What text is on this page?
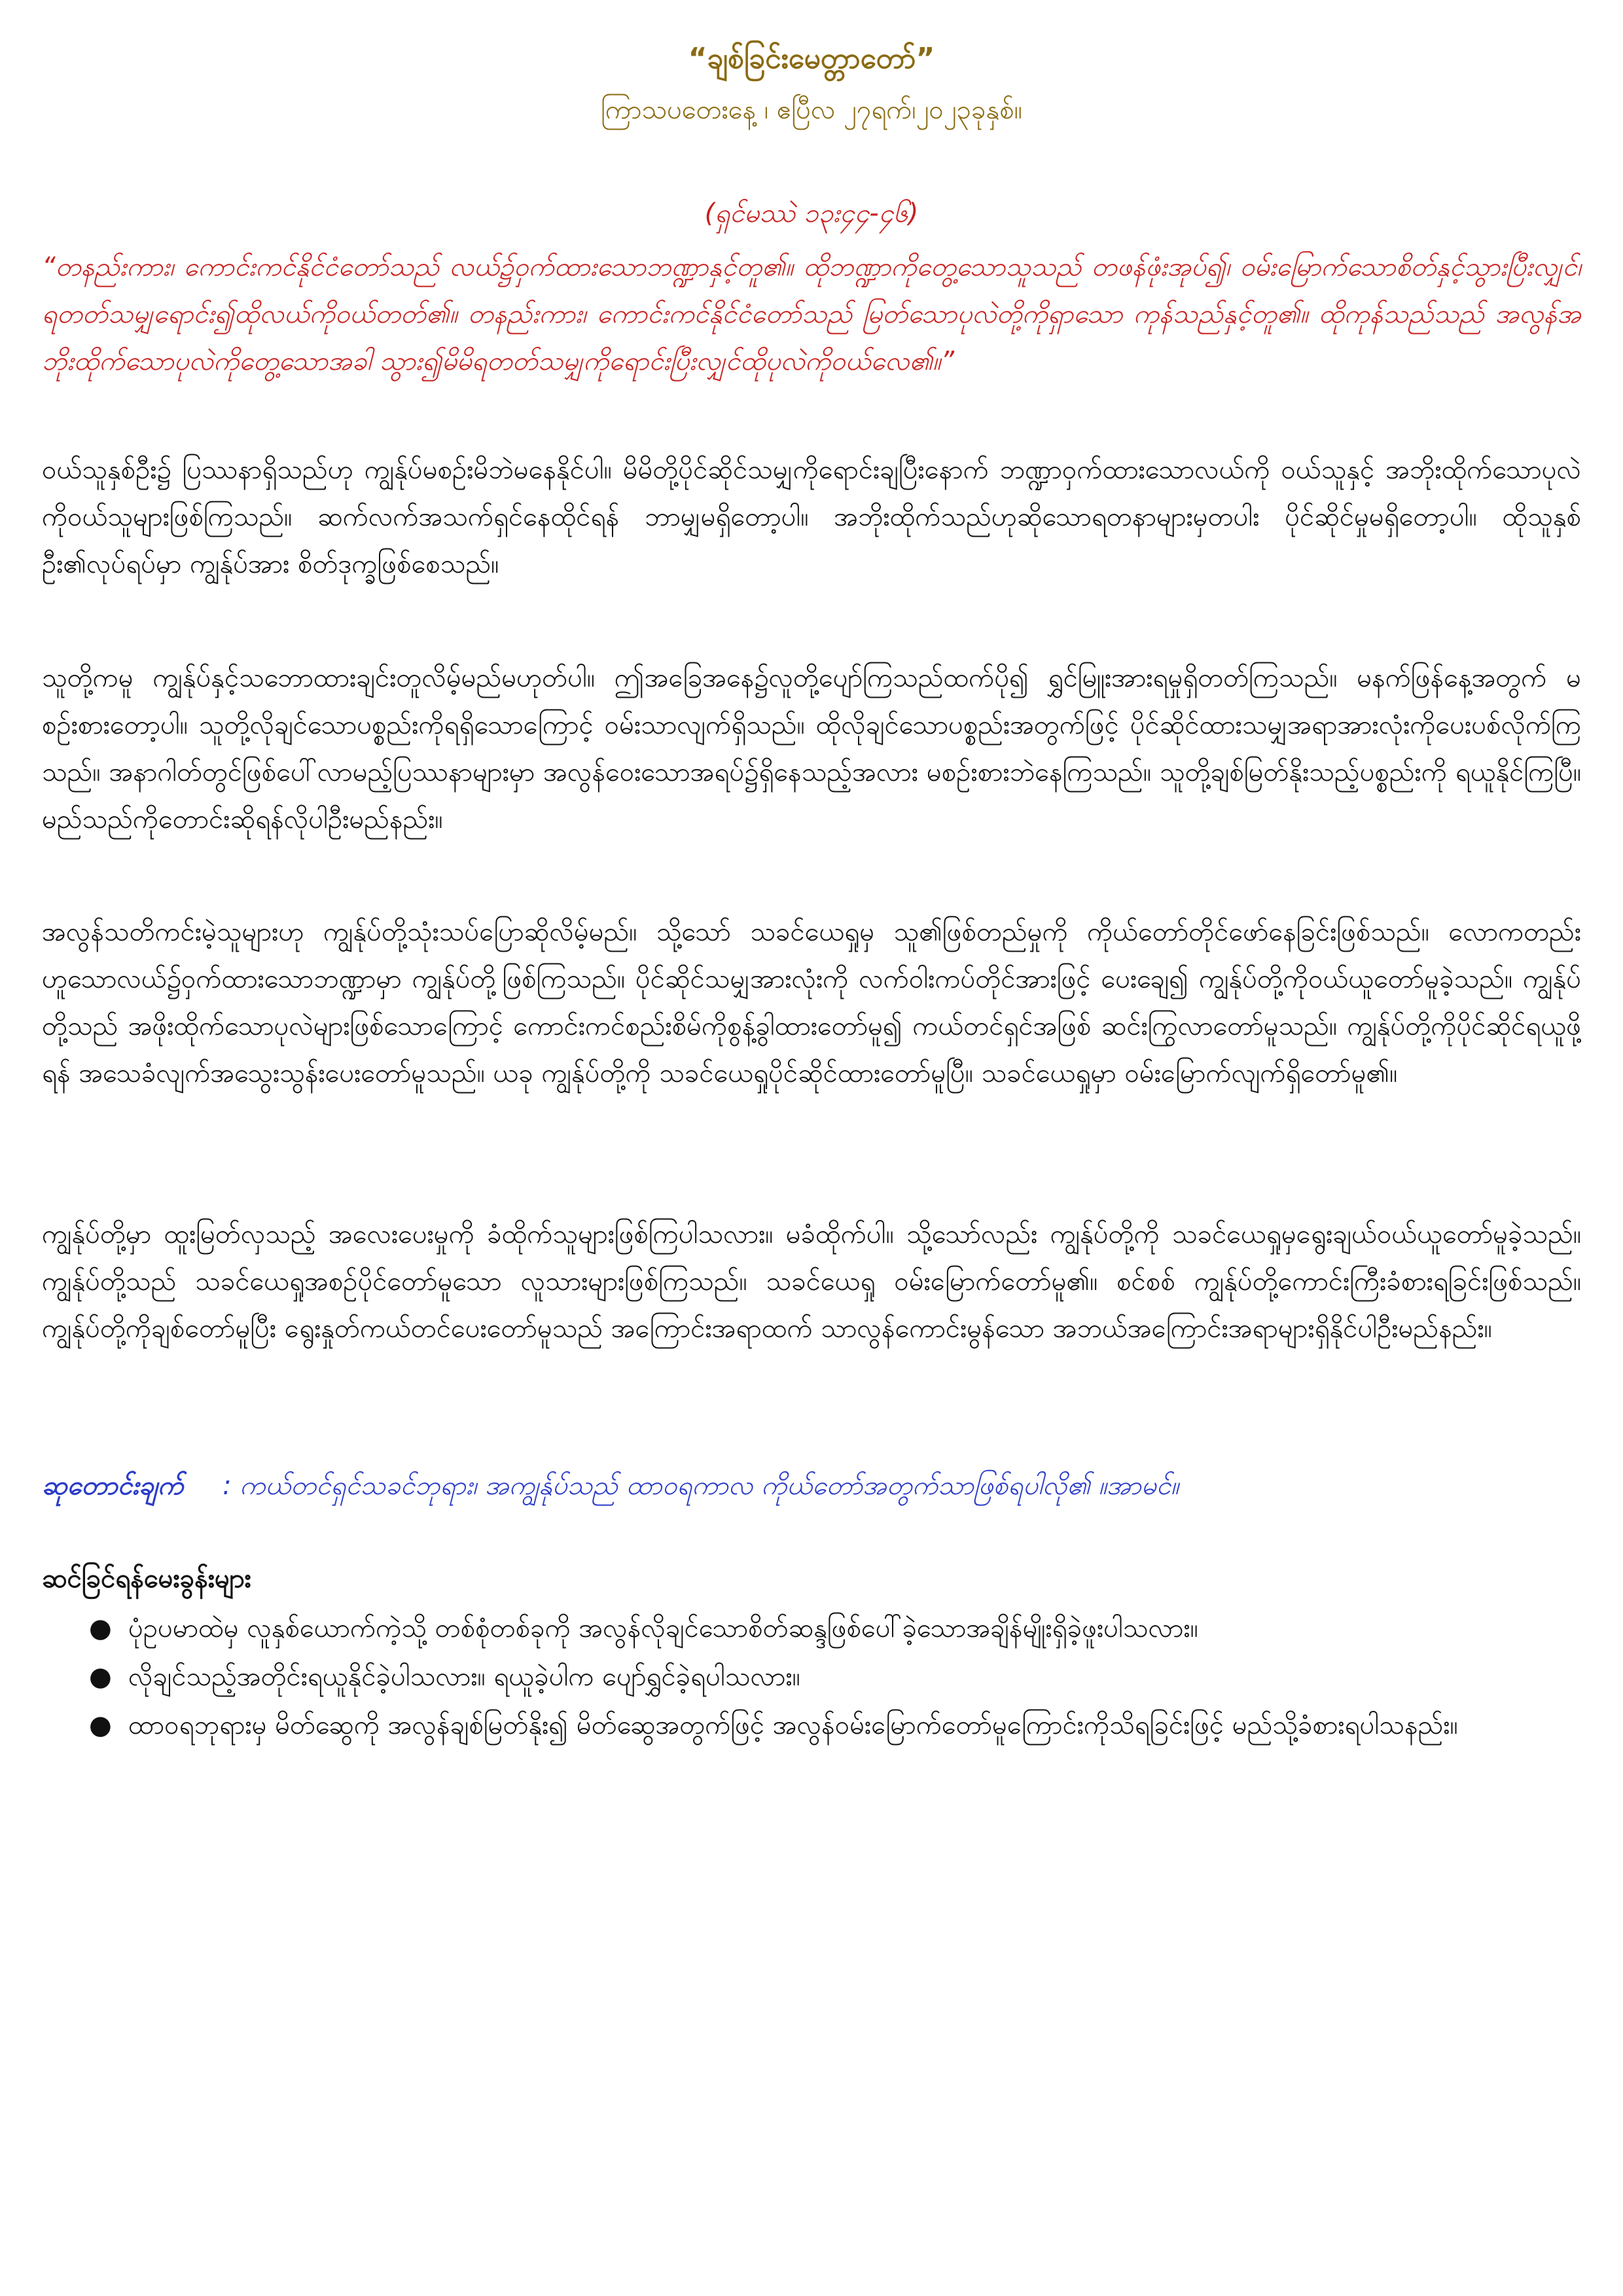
“ချစ်ခြင်းမေတ္တာတော်”
ကြာသပတေးနေ့ ၊ ဧပြီလ ၂၇ရက်၊၂၀၂၃ခုနှစ်။
(ရှင်မဿဲ ၁၃း၄၄-၄၆)
“တနည်းကား၊ ကောင်းကင်နိုင်ငံတော်သည် လယ်၌ဝှက်ထားသောဘဏ္ဍာနှင့်တူ၏။ ထိုဘဏ္ဍာကိုတွေ့သောသူသည် တဖန်ဖုံးအုပ်၍၊ ဝမ်းမြောက်သောစိတ်နှင့်သွားပြီးလျှင်၊ ရတတ်သမျှရောင်း၍ထိုလယ်ကိုဝယ်တတ်၏။ တနည်းကား၊ ကောင်းကင်နိုင်ငံတော်သည် မြတ်သောပုလဲတို့ကိုရှာသော ကုန်သည်နှင့်တူ၏။ ထိုကုန်သည်သည် အလွန်အဘိုးထိုက်သောပုလဲကိုတွေ့သောအခါ သွား၍မိမိရတတ်သမျှကိုရောင်းပြီးလျှင်ထိုပုလဲကိုဝယ်လေ၏။”
ဝယ်သူနှစ်ဦး၌ ပြဿနာရှိသည်ဟု ကျွန်ုပ်မစဉ်းမိဘဲမနေနိုင်ပါ။ မိမိတို့ပိုင်ဆိုင်သမျှကိုရောင်းချပြီးနောက် ဘဏ္ဍာဝှက်ထားသောလယ်ကို ဝယ်သူနှင့် အဘိုးထိုက်သောပုလဲကိုဝယ်သူများဖြစ်ကြသည်။ ဆက်လက်အသက်ရှင်နေထိုင်ရန် ဘာမျှမရှိတော့ပါ။ အဘိုးထိုက်သည်ဟုဆိုသောရတနာများမှတပါး ပိုင်ဆိုင်မှုမရှိတော့ပါ။ ထိုသူနှစ်ဦး၏လုပ်ရပ်မှာ ကျွန်ုပ်အား စိတ်ဒုက္ခဖြစ်စေသည်။
သူတို့ကမူ ကျွန်ုပ်နှင့်သဘောထားချင်းတူလိမ့်မည်မဟုတ်ပါ။ ဤအခြေအနေ၌လူတို့ပျော်ကြသည်ထက်ပို၍ ရွှင်မြူးအားရမှုရှိတတ်ကြသည်။ မနက်ဖြန်နေ့အတွက် မစဉ်းစားတော့ပါ။ သူတို့လိုချင်သောပစ္စည်းကိုရရှိသောကြောင့် ဝမ်းသာလျက်ရှိသည်။ ထိုလိုချင်သောပစ္စည်းအတွက်ဖြင့် ပိုင်ဆိုင်ထားသမျှအရာအားလုံးကိုပေးပစ်လိုက်ကြသည်။ အနာဂါတ်တွင်ဖြစ်ပေါ်လာမည့်ပြဿနာများမှာ အလွန်ဝေးသောအရပ်၌ရှိနေသည့်အလား မစဉ်းစားဘဲနေကြသည်။ သူတို့ချစ်မြတ်နိုးသည့်ပစ္စည်းကို ရယူနိုင်ကြပြီ။ မည်သည်ကိုတောင်းဆိုရန်လိုပါဦးမည်နည်း။
အလွန်သတိကင်းမဲ့သူများဟု ကျွန်ုပ်တို့သုံးသပ်ပြောဆိုလိမ့်မည်။ သို့သော် သခင်ယေရှုမှ သူ၏ဖြစ်တည်မှုကို ကိုယ်တော်တိုင်ဖော်နေခြင်းဖြစ်သည်။ လောကတည်းဟူသောလယ်၌ဝှက်ထားသောဘဏ္ဍာမှာ ကျွန်ုပ်တို့ဖြစ်ကြသည်။ ပိုင်ဆိုင်သမျှအားလုံးကို လက်ဝါးကပ်တိုင်အားဖြင့် ပေးချေ၍ ကျွန်ုပ်တို့ကိုဝယ်ယူတော်မူခဲ့သည်။ ကျွန်ုပ်တို့သည် အဖိုးထိုက်သောပုလဲများဖြစ်သောကြောင့် ကောင်းကင်စည်းစိမ်ကိုစွန့်ခွါထားတော်မူ၍ ကယ်တင်ရှင်အဖြစ် ဆင်းကြွလာတော်မူသည်။ ကျွန်ုပ်တို့ကိုပိုင်ဆိုင်ရယူဖို့ရန် အသေခံလျက်အသွေးသွန်းပေးတော်မူသည်။ ယခု ကျွန်ုပ်တို့ကို သခင်ယေရှုပိုင်ဆိုင်ထားတော်မူပြီ။ သခင်ယေရှုမှာ ဝမ်းမြောက်လျက်ရှိတော်မူ၏။
ကျွန်ုပ်တို့မှာ ထူးမြတ်လှသည့် အလေးပေးမှုကို ခံထိုက်သူများဖြစ်ကြပါသလား။ မခံထိုက်ပါ။ သို့သော်လည်း ကျွန်ုပ်တို့ကို သခင်ယေရှုမှရွေးချယ်ဝယ်ယူတော်မူခဲ့သည်။ ကျွန်ုပ်တို့သည် သခင်ယေရှုအစဉ်ပိုင်တော်မူသော လူသားများဖြစ်ကြသည်။ သခင်ယေရှု ဝမ်းမြောက်တော်မူ၏။ စင်စစ် ကျွန်ုပ်တို့ကောင်းကြီးခံစားရခြင်းဖြစ်သည်။ ကျွန်ုပ်တို့ကိုချစ်တော်မူပြီး ရွေးနှုတ်ကယ်တင်ပေးတော်မူသည် အကြောင်းအရာထက် သာလွန်ကောင်းမွန်သော အဘယ်အကြောင်းအရာများရှိနိုင်ပါဦးမည်နည်း။
ဆုတောင်းချက် : ကယ်တင်ရှင်သခင်ဘုရား၊ အကျွန်ုပ်သည် ထာဝရကာလ ကိုယ်တော်အတွက်သာဖြစ်ရပါလို၏ ။အာမင်။
ဆင်ခြင်ရန်မေးခွန်းများ
● ပုံဥပမာထဲမှ လူနှစ်ယောက်ကဲ့သို့ တစ်စုံတစ်ခုကို အလွန်လိုချင်သောစိတ်ဆန္ဒဖြစ်ပေါ်ခဲ့သောအချိန်မျိုးရှိခဲ့ဖူးပါသလား။
● လိုချင်သည့်အတိုင်းရယူနိုင်ခဲ့ပါသလား။ ရယူခဲ့ပါက ပျော်ရွှင်ခဲ့ရပါသလား။
● ထာဝရဘုရားမှ မိတ်ဆွေကို အလွန်ချစ်မြတ်နိုး၍ မိတ်ဆွေအတွက်ဖြင့် အလွန်ဝမ်းမြောက်တော်မူကြောင်းကိုသိရခြင်းဖြင့် မည်သို့ခံစားရပါသနည်း။
